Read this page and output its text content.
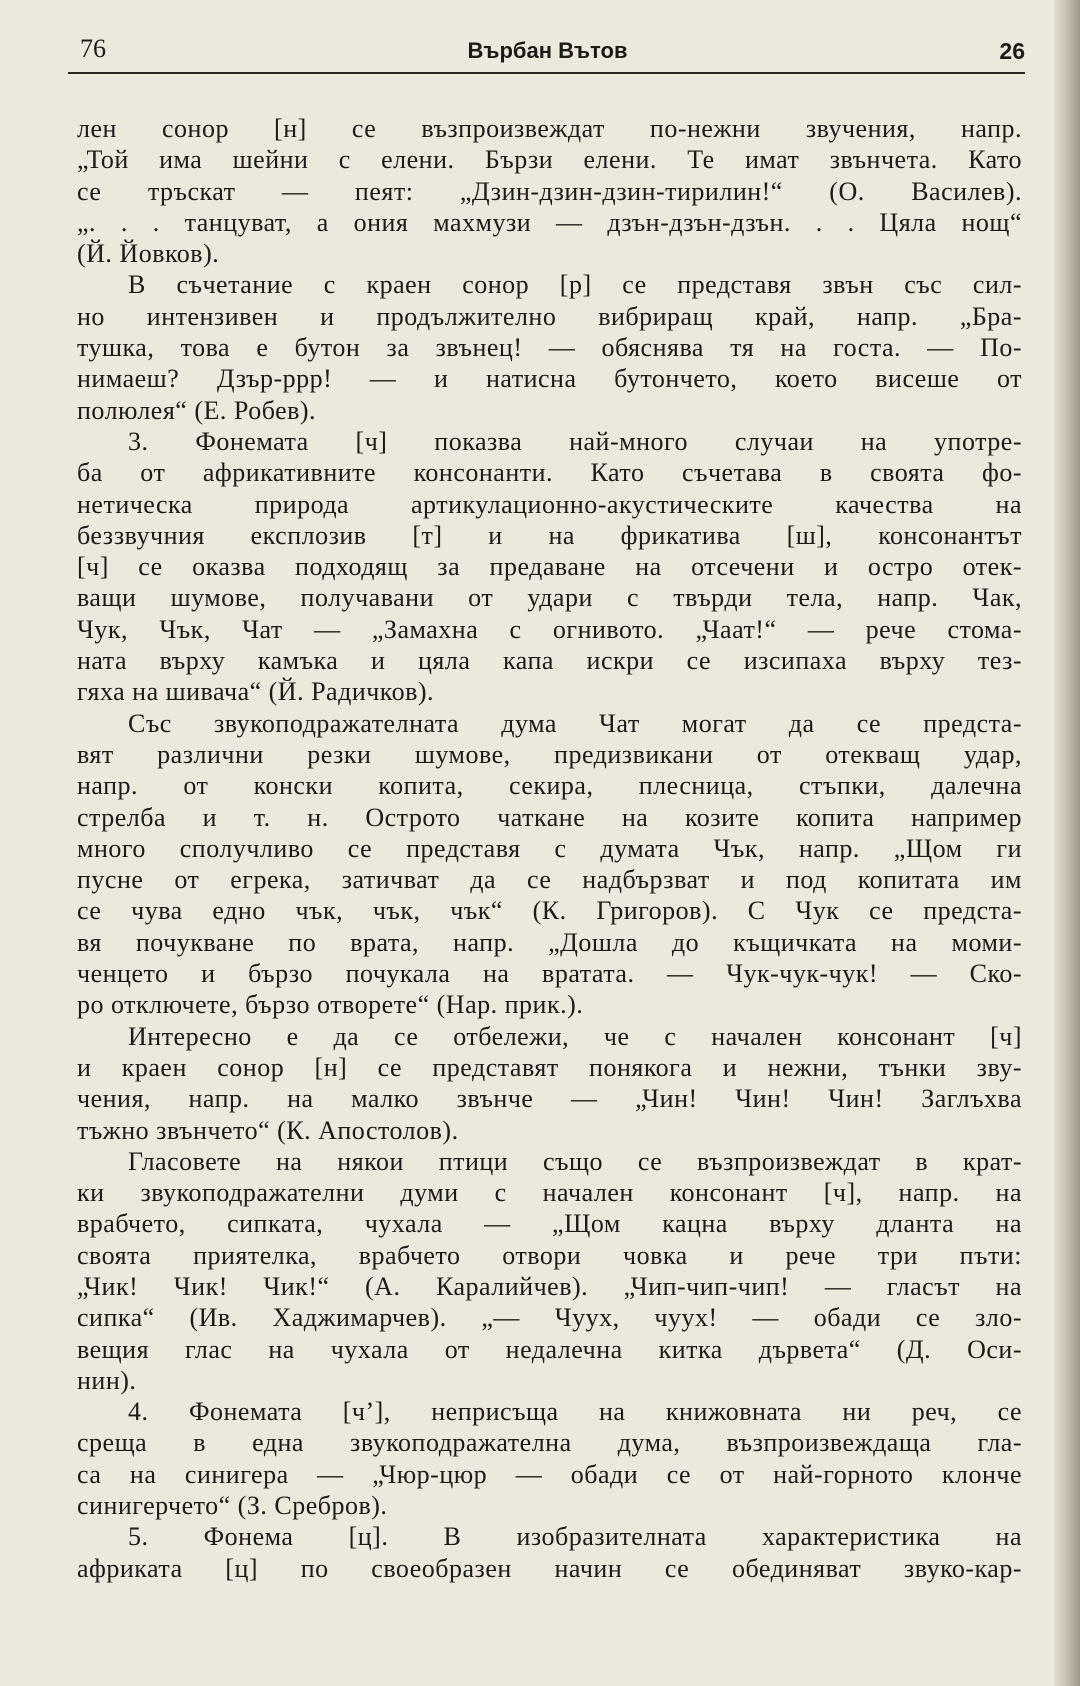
76	Върбан Вътов	26
лен сонор [н] се възпроизвеждат по-нежни звучения, напр.
„Той има шейни с елени. Бързи елени. Те имат звънчета. Като
се тръскат — пеят: „Дзин-дзин-дзин-тирилин!“ (О. Василев).
„. . . танцуват, а ония махмузи — дзън-дзън-дзън. . . Цяла нощ“
(Й. Йовков).
В съчетание с краен сонор [р] се представя звън със сил-
но интензивен и продължително вибриращ край, напр. „Бра-
тушка, това е бутон за звънец! — обяснява тя на госта. — По-
нимаеш? Дзър-ррр! — и натисна бутончето, което висеше от
полюлея“ (Е. Робев).
3. Фонемата [ч] показва най-много случаи на употре-
ба от африкативните консонанти. Като съчетава в своята фо-
нетическа природа артикулационно-акустическите качества на
беззвучния експлозив [т] и на фрикатива [ш], консонантът
[ч] се оказва подходящ за предаване на отсечени и остро отек-
ващи шумове, получавани от удари с твърди тела, напр. Чак,
Чук, Чък, Чат — „Замахна с огнивото. „Чаат!“ — рече стома-
ната върху камъка и цяла капа искри се изсипаха върху тез-
гяха на шивача“ (Й. Радичков).
Със звукоподражателната дума Чат могат да се предста-
вят различни резки шумове, предизвикани от отекващ удар,
напр. от конски копита, секира, плесница, стъпки, далечна
стрелба и т. н. Острото чаткане на козите копита например
много сполучливо се представя с думата Чък, напр. „Щом ги
пусне от егрека, затичват да се надбързват и под копитата им
се чува едно чък, чък, чък“ (К. Григоров). С Чук се предста-
вя почукване по врата, напр. „Дошла до къщичката на моми-
ченцето и бързо почукала на вратата. — Чук-чук-чук! — Ско-
ро отключете, бързо отворете“ (Нар. прик.).
Интересно е да се отбележи, че с начален консонант [ч]
и краен сонор [н] се представят понякога и нежни, тънки зву-
чения, напр. на малко звънче — „Чин! Чин! Чин! Заглъхва
тъжно звънчето“ (К. Апостолов).
Гласовете на някои птици също се възпроизвеждат в крат-
ки звукоподражателни думи с начален консонант [ч], напр. на
врабчето, сипката, чухала — „Щом кацна върху дланта на
своята приятелка, врабчето отвори човка и рече три пъти:
„Чик! Чик! Чик!“ (А. Каралийчев). „Чип-чип-чип! — гласът на
сипка“ (Ив. Хаджимарчев). „— Чуух, чуух! — обади се зло-
вещия глас на чухала от недалечна китка дървета“ (Д. Оси-
нин).
4. Фонемата [ч’], неприсъща на книжовната ни реч, се
среща в една звукоподражателна дума, възпроизвеждаща гла-
са на синигера — „Чюр-цюр — обади се от най-горното клонче
синигерчето“ (З. Сребров).
5. Фонема [ц]. В изобразителната характеристика на
африката [ц] по своеобразен начин се обединяват звуко-кар-
